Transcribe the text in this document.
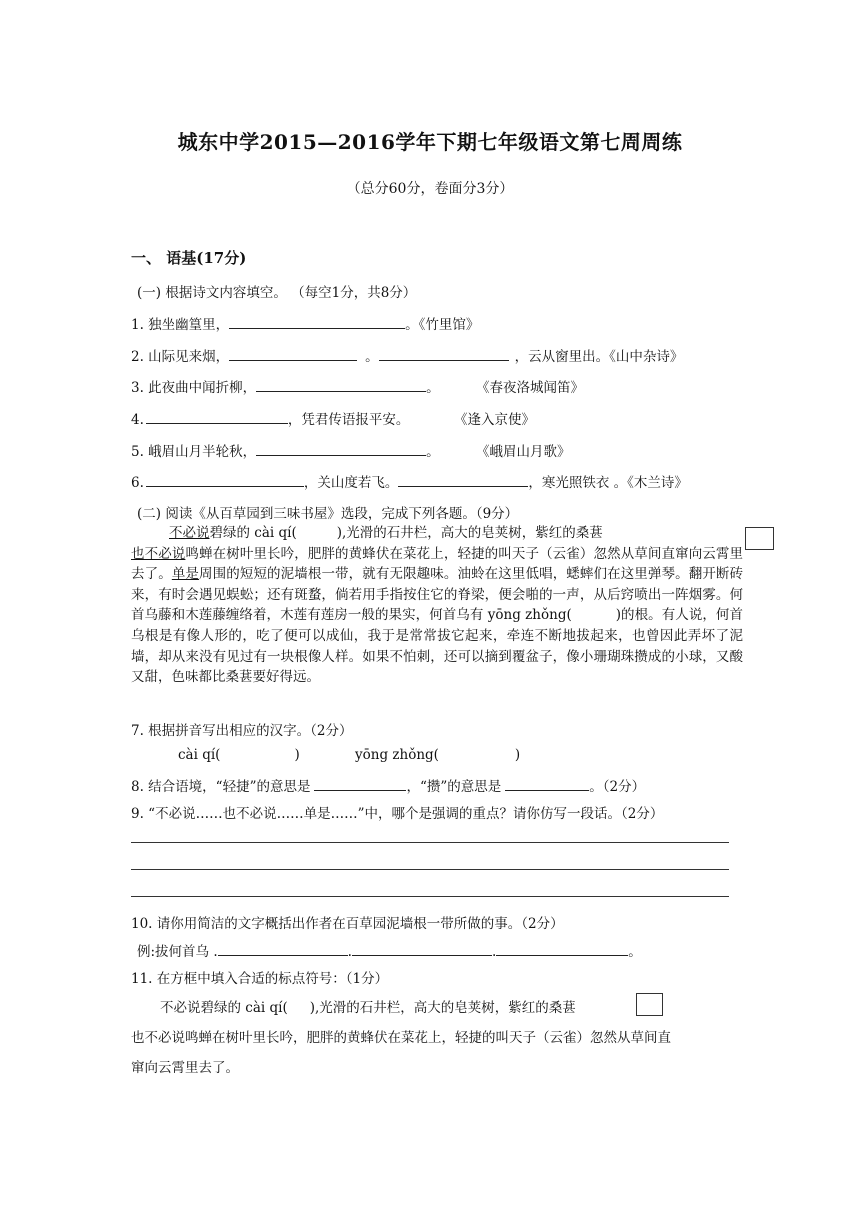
城东中学2015—2016学年下期七年级语文第七周周练
（总分60分，卷面分3分）
一、 语基(17分)
(一) 根据诗文内容填空。 （每空1分，共8分）
1. 独坐幽篁里，	。《竹里馆》
2. 山际见来烟，	。	，云从窗里出。《山中杂诗》
3. 此夜曲中闻折柳，	。	《春夜洛城闻笛》
4.	，凭君传语报平安。	《逢入京使》
5. 峨眉山月半轮秋，	。	《峨眉山月歌》
6.	，关山度若飞。	，寒光照铁衣 。《木兰诗》
(二) 阅读《从百草园到三味书屋》选段，完成下列各题。（9分）
不必说碧绿的 cài qí(	),光滑的石井栏，高大的皂荚树，紫红的桑葚
也不必说鸣蝉在树叶里长吟，肥胖的黄蜂伏在菜花上，轻捷的叫天子（云雀）忽然从草间直窜向云霄里去了。单是周围的短短的泥墙根一带，就有无限趣味。油蛉在这里低唱，蟋蟀们在这里弹琴。翻开断砖来，有时会遇见蜈蚣；还有斑蝥，倘若用手指按住它的脊梁，便会啪的一声，从后窍喷出一阵烟雾。何首乌藤和木莲藤缠络着，木莲有莲房一般的果实，何首乌有 yōng zhǒng(	)的根。有人说，何首乌根是有像人形的，吃了便可以成仙，我于是常常拔它起来，牵连不断地拔起来，也曾因此弄坏了泥墙，却从来没有见过有一块根像人样。如果不怕刺，还可以摘到覆盆子，像小珊瑚珠攒成的小球，又酸又甜，色味都比桑葚要好得远。
7. 根据拼音写出相应的汉字。（2分）
cài qí(	)	yōng zhǒng(	)
8. 结合语境，“轻捷”的意思是	，“攒”的意思是	。（2分）
9. “不必说……也不必说……单是……”中，哪个是强调的重点？请你仿写一段话。（2分）
10. 请你用简洁的文字概括出作者在百草园泥墙根一带所做的事。（2分）
例:拔何首乌 .	.	.	。
11. 在方框中填入合适的标点符号：（1分）
不必说碧绿的 cài qí( ),光滑的石井栏，高大的皂荚树，紫红的桑葚
也不必说鸣蝉在树叶里长吟，肥胖的黄蜂伏在菜花上，轻捷的叫天子（云雀）忽然从草间直
窜向云霄里去了。
